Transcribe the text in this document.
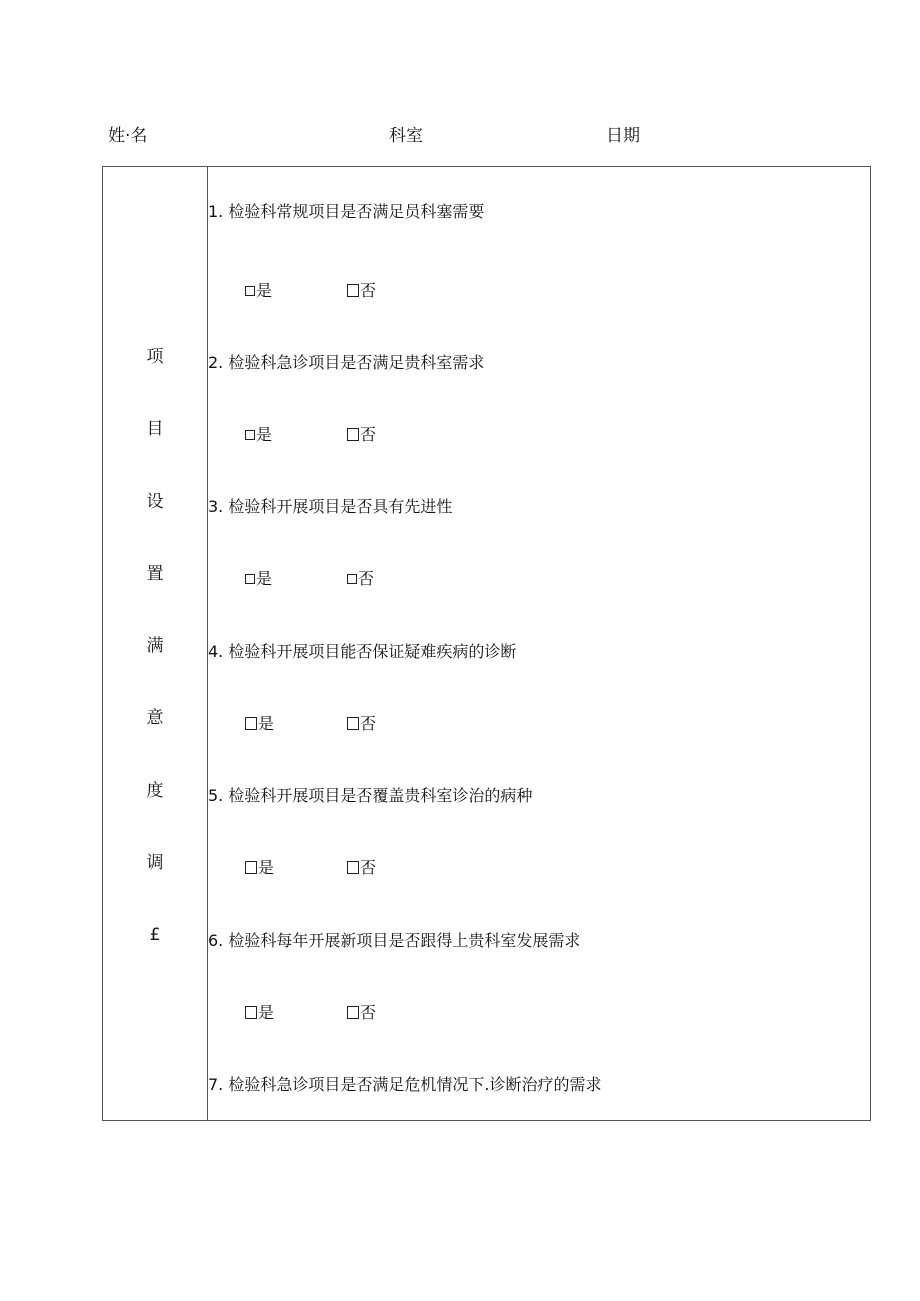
姓·名	科室	日期
项
目
设
置
满
意
度
调
£
1. 检验科常规项目是否满足员科塞需要
是	否
2. 检验科急诊项目是否满足贵科室需求
是	否
3. 检验科开展项目是否具有先进性
是	否
4. 检验科开展项目能否保证疑难疾病的诊断
是	否
5. 检验科开展项目是否覆盖贵科室诊治的病种
是	否
6. 检验科每年开展新项目是否跟得上贵科室发展需求
是	否
7. 检验科急诊项目是否满足危机情况下.诊断治疗的需求
